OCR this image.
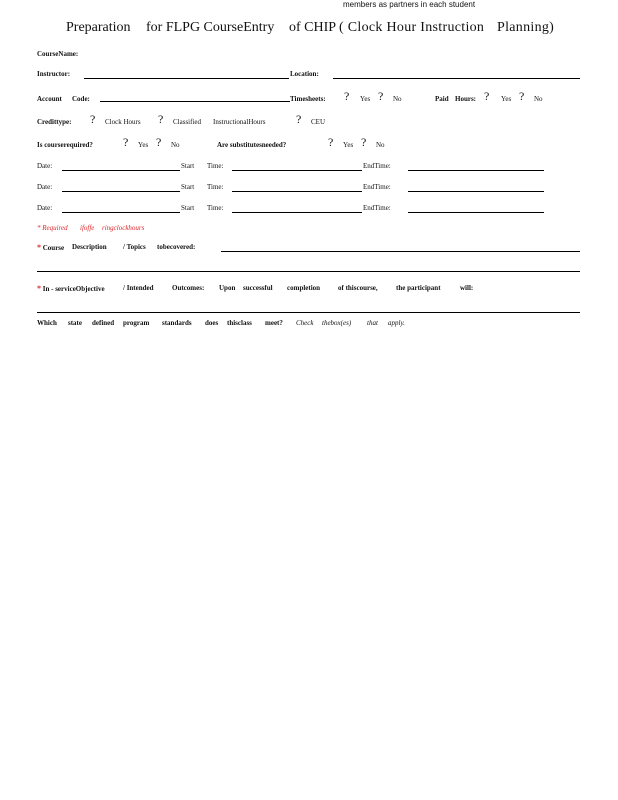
members as partners in each student
Preparation for FLPG CourseEntry of CHIP ( Clock Hour Instruction Planning)
CourseName:
Instructor:	Location:
Account Code:	Timesheets: ? Yes ? No	Paid Hours: ? Yes ? No
Credittype: ? Clock Hours ? Classified InstructionalHours	? CEU
Is courserequired?	? Yes ? No	Are substitutesneeded?	? Yes ? No
Date:	Start Time:	EndTime:
Date:	Start Time:	EndTime:
Date:	Start Time:	EndTime:
* Required ifoffe ringclockhours
* Course Description / Topics tobecovered:
* In - serviceObjective	/ Intended	Outcomes: Upon successful completion	of thiscourse,	the participant	will:
Which state defined program standards does thisclass meet? Check thebox(es) that apply.
